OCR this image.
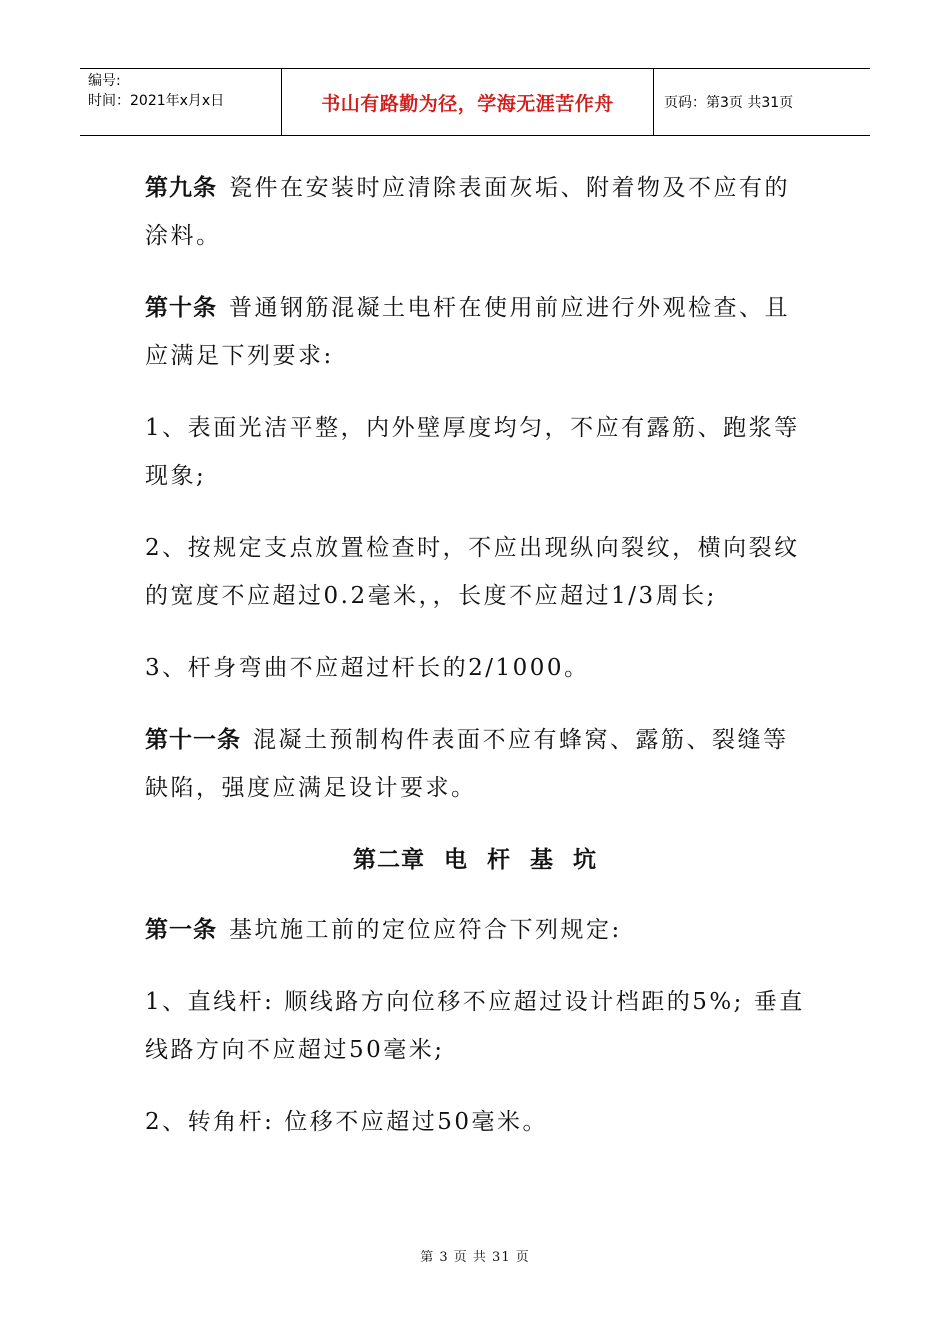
编号:
时间：2021年x月x日	书山有路勤为径，学海无涯苦作舟	页码：第3页 共31页

第九条 瓷件在安装时应清除表面灰垢、附着物及不应有的涂料。

第十条 普通钢筋混凝土电杆在使用前应进行外观检查、且应满足下列要求:

1、表面光洁平整，内外壁厚度均匀，不应有露筋、跑浆等现象;

2、按规定支点放置检查时，不应出现纵向裂纹，横向裂纹的宽度不应超过0.2毫米，，长度不应超过1/3周长;

3、杆身弯曲不应超过杆长的2/1000。

第十一条 混凝土预制构件表面不应有蜂窝、露筋、裂缝等缺陷，强度应满足设计要求。

第二章 电 杆 基 坑

第一条 基坑施工前的定位应符合下列规定:

1、直线杆: 顺线路方向位移不应超过设计档距的5%; 垂直线路方向不应超过50毫米;

2、转角杆: 位移不应超过50毫米。

第 3 页 共 31 页
